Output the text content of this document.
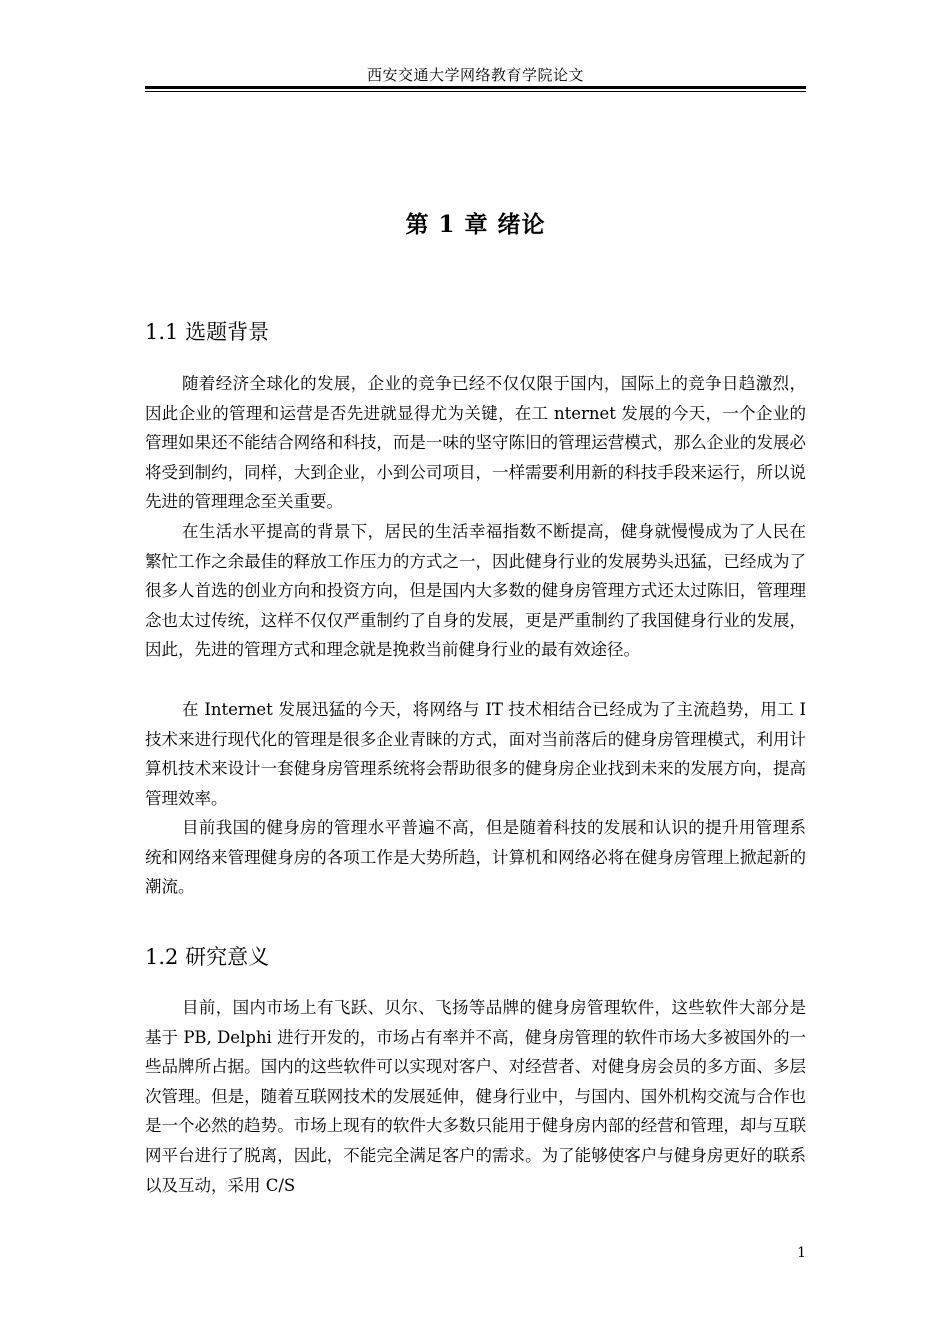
西安交通大学网络教育学院论文
第 1 章 绪论
1.1 选题背景

随着经济全球化的发展，企业的竞争已经不仅仅限于国内，国际上的竞争日趋激烈，因此企业的管理和运营是否先进就显得尤为关键，在工 nternet 发展的今天，一个企业的管理如果还不能结合网络和科技，而是一味的坚守陈旧的管理运营模式，那么企业的发展必将受到制约，同样，大到企业，小到公司项目，一样需要利用新的科技手段来运行，所以说先进的管理理念至关重要。

在生活水平提高的背景下，居民的生活幸福指数不断提高，健身就慢慢成为了人民在繁忙工作之余最佳的释放工作压力的方式之一，因此健身行业的发展势头迅猛，已经成为了很多人首选的创业方向和投资方向，但是国内大多数的健身房管理方式还太过陈旧，管理理念也太过传统，这样不仅仅严重制约了自身的发展，更是严重制约了我国健身行业的发展，因此，先进的管理方式和理念就是挽救当前健身行业的最有效途径。

在 Internet 发展迅猛的今天，将网络与 IT 技术相结合已经成为了主流趋势，用工 I 技术来进行现代化的管理是很多企业青睐的方式，面对当前落后的健身房管理模式，利用计算机技术来设计一套健身房管理系统将会帮助很多的健身房企业找到未来的发展方向，提高管理效率。

目前我国的健身房的管理水平普遍不高，但是随着科技的发展和认识的提升用管理系统和网络来管理健身房的各项工作是大势所趋，计算机和网络必将在健身房管理上掀起新的潮流。

1.2 研究意义

目前，国内市场上有飞跃、贝尔、飞扬等品牌的健身房管理软件，这些软件大部分是基于 PB, Delphi 进行开发的，市场占有率并不高，健身房管理的软件市场大多被国外的一些品牌所占据。国内的这些软件可以实现对客户、对经营者、对健身房会员的多方面、多层次管理。但是，随着互联网技术的发展延伸，健身行业中，与国内、国外机构交流与合作也是一个必然的趋势。市场上现有的软件大多数只能用于健身房内部的经营和管理，却与互联网平台进行了脱离，因此，不能完全满足客户的需求。为了能够使客户与健身房更好的联系以及互动，采用 C/S

1
